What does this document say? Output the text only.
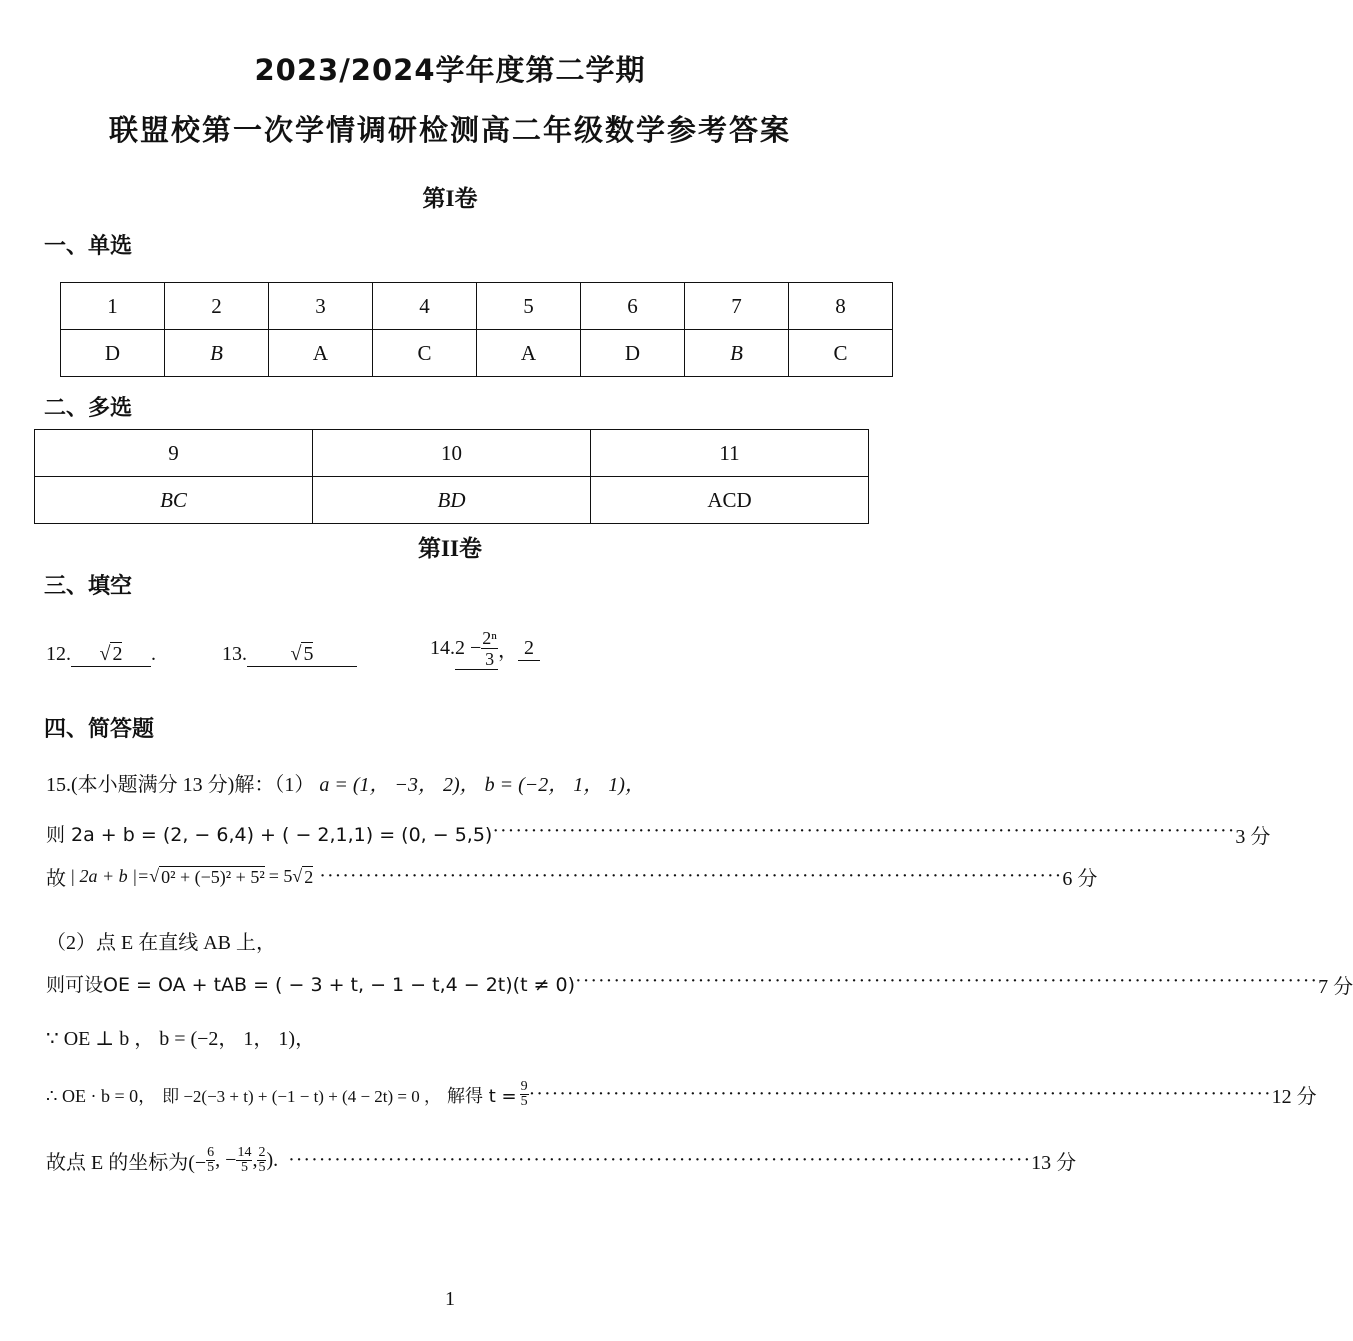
2023/2024学年度第二学期
联盟校第一次学情调研检测高二年级数学参考答案
第I卷
一、单选
1	2	3	4	5	6	7	8
D	B	A	C	A	D	B	C
二、多选
9	10	11
BC	BD	ACD
第II卷
三、填空
12. √ 2 .	13. √ 5	$14.2 - \frac{\text{2ⁿ}}{3}$ ， 2
四、简答题
15.(本小题满分 13 分)解：（1） a = (1， −3， 2)， b = (−2， 1， 1)，
则 2a + b = (2, − 6,4) + ( − 2,1,1) = (0, − 5,5) ································································································· 3 分
故 | 2a + b |= √ 0² + (−5)² + 5² = 5 √ 2 ································································································· 6 分
（2）点 E 在直线 AB 上，
则可设OE = OA + tAB = ( − 3 + t, − 1 − t,4 − 2t)(t ≠ 0) ································································································· 7 分
∵ OE ⊥ b ， b = (−2， 1， 1)，
∴ OE · b = 0， 即 −2(−3 + t) + (−1 − t) + (4 − 2t) = 0 ， 解得 $t = \frac{9}{5}$ ································································································· 12 分
故点 E 的坐标为(− $\frac{6}{5}$ , − $\frac{14}{5}$ , $\frac{2}{5}$ ). ································································································· 13 分
1
